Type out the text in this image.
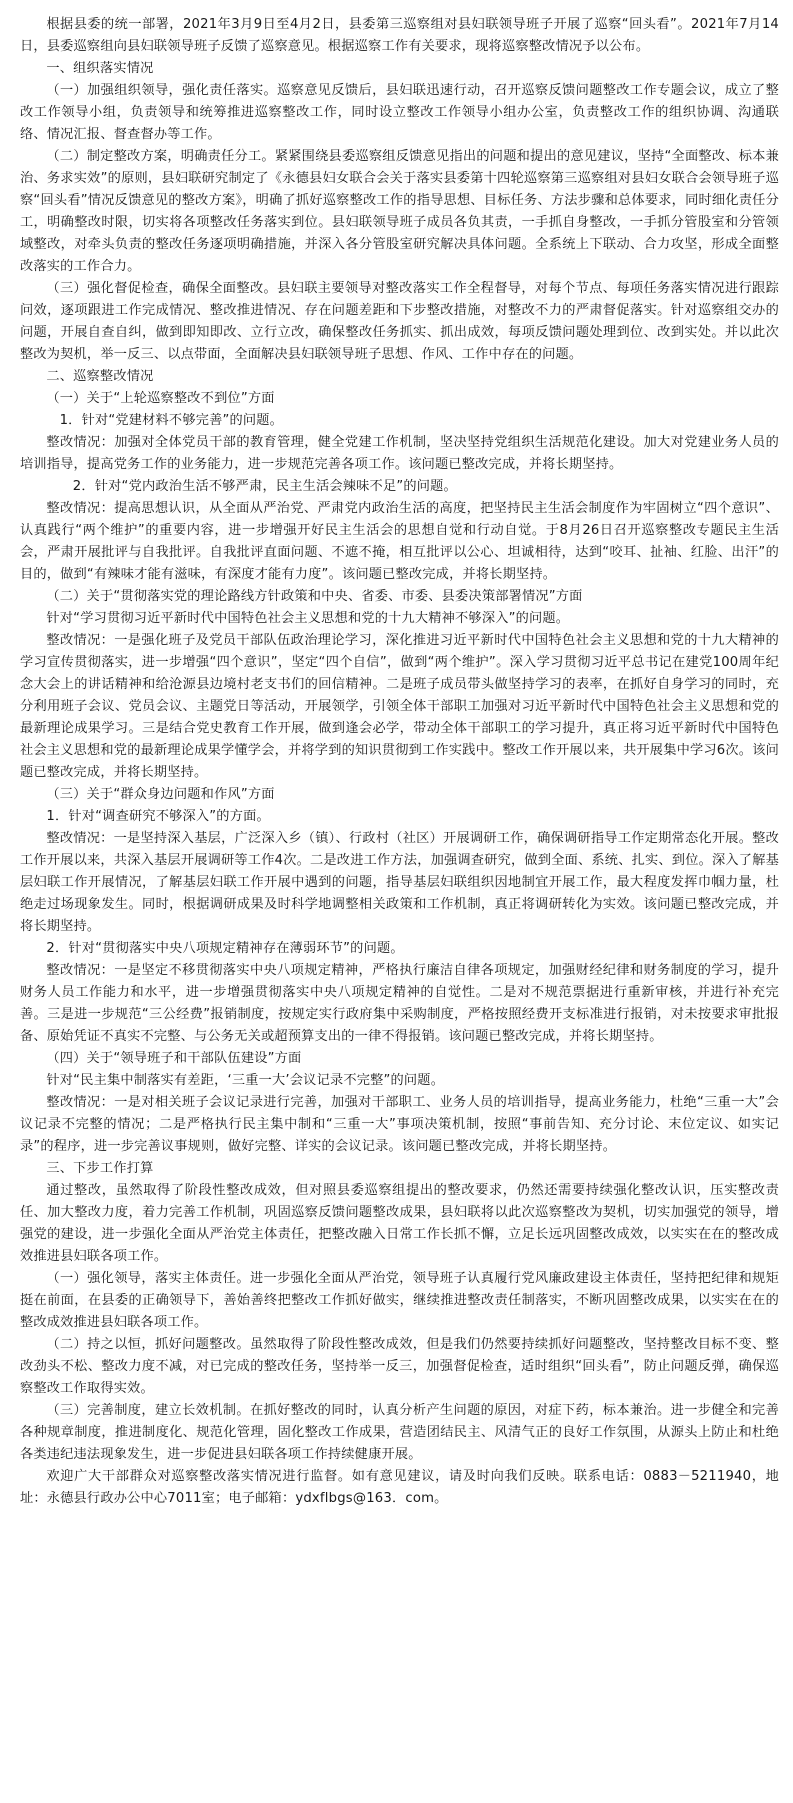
根据县委的统一部署，2021年3月9日至4月2日，县委第三巡察组对县妇联领导班子开展了巡察“回头看”。2021年7月14日，县委巡察组向县妇联领导班子反馈了巡察意见。根据巡察工作有关要求，现将巡察整改情况予以公布。

一、组织落实情况

（一）加强组织领导，强化责任落实。巡察意见反馈后，县妇联迅速行动，召开巡察反馈问题整改工作专题会议，成立了整改工作领导小组，负责领导和统筹推进巡察整改工作，同时设立整改工作领导小组办公室，负责整改工作的组织协调、沟通联络、情况汇报、督查督办等工作。

（二）制定整改方案，明确责任分工。紧紧围绕县委巡察组反馈意见指出的问题和提出的意见建议，坚持“全面整改、标本兼治、务求实效”的原则，县妇联研究制定了《永德县妇女联合会关于落实县委第十四轮巡察第三巡察组对县妇女联合会领导班子巡察“回头看”情况反馈意见的整改方案》，明确了抓好巡察整改工作的指导思想、目标任务、方法步骤和总体要求，同时细化责任分工，明确整改时限，切实将各项整改任务落实到位。县妇联领导班子成员各负其责，一手抓自身整改，一手抓分管股室和分管领域整改，对牵头负责的整改任务逐项明确措施，并深入各分管股室研究解决具体问题。全系统上下联动、合力攻坚，形成全面整改落实的工作合力。

（三）强化督促检查，确保全面整改。县妇联主要领导对整改落实工作全程督导，对每个节点、每项任务落实情况进行跟踪问效，逐项跟进工作完成情况、整改推进情况、存在问题差距和下步整改措施，对整改不力的严肃督促落实。针对巡察组交办的问题，开展自查自纠，做到即知即改、立行立改，确保整改任务抓实、抓出成效，每项反馈问题处理到位、改到实处。并以此次整改为契机，举一反三、以点带面，全面解决县妇联领导班子思想、作风、工作中存在的问题。

二、巡察整改情况

（一）关于“上轮巡察整改不到位”方面

1．针对“党建材料不够完善”的问题。

整改情况：加强对全体党员干部的教育管理，健全党建工作机制，坚决坚持党组织生活规范化建设。加大对党建业务人员的培训指导，提高党务工作的业务能力，进一步规范完善各项工作。该问题已整改完成，并将长期坚持。

2．针对“党内政治生活不够严肃，民主生活会辣味不足”的问题。

整改情况：提高思想认识，从全面从严治党、严肃党内政治生活的高度，把坚持民主生活会制度作为牢固树立“四个意识”、认真践行“两个维护”的重要内容，进一步增强开好民主生活会的思想自觉和行动自觉。于8月26日召开巡察整改专题民主生活会，严肃开展批评与自我批评。自我批评直面问题、不遮不掩，相互批评以公心、坦诚相待，达到“咬耳、扯袖、红脸、出汗”的目的，做到“有辣味才能有滋味，有深度才能有力度”。该问题已整改完成，并将长期坚持。

（二）关于“贯彻落实党的理论路线方针政策和中央、省委、市委、县委决策部署情况”方面

针对“学习贯彻习近平新时代中国特色社会主义思想和党的十九大精神不够深入”的问题。

整改情况：一是强化班子及党员干部队伍政治理论学习，深化推进习近平新时代中国特色社会主义思想和党的十九大精神的学习宣传贯彻落实，进一步增强“四个意识”，坚定“四个自信”，做到“两个维护”。深入学习贯彻习近平总书记在建党100周年纪念大会上的讲话精神和给沧源县边境村老支书们的回信精神。二是班子成员带头做坚持学习的表率，在抓好自身学习的同时，充分利用班子会议、党员会议、主题党日等活动，开展领学，引领全体干部职工加强对习近平新时代中国特色社会主义思想和党的最新理论成果学习。三是结合党史教育工作开展，做到逢会必学，带动全体干部职工的学习提升，真正将习近平新时代中国特色社会主义思想和党的最新理论成果学懂学会，并将学到的知识贯彻到工作实践中。整改工作开展以来，共开展集中学习6次。该问题已整改完成，并将长期坚持。

（三）关于“群众身边问题和作风”方面

1．针对“调查研究不够深入”的方面。

整改情况：一是坚持深入基层，广泛深入乡（镇）、行政村（社区）开展调研工作，确保调研指导工作定期常态化开展。整改工作开展以来，共深入基层开展调研等工作4次。二是改进工作方法，加强调查研究，做到全面、系统、扎实、到位。深入了解基层妇联工作开展情况，了解基层妇联工作开展中遇到的问题，指导基层妇联组织因地制宜开展工作，最大程度发挥巾帼力量，杜绝走过场现象发生。同时，根据调研成果及时科学地调整相关政策和工作机制，真正将调研转化为实效。该问题已整改完成，并将长期坚持。

2．针对“贯彻落实中央八项规定精神存在薄弱环节”的问题。

整改情况：一是坚定不移贯彻落实中央八项规定精神，严格执行廉洁自律各项规定，加强财经纪律和财务制度的学习，提升财务人员工作能力和水平，进一步增强贯彻落实中央八项规定精神的自觉性。二是对不规范票据进行重新审核，并进行补充完善。三是进一步规范“三公经费”报销制度，按规定实行政府集中采购制度，严格按照经费开支标准进行报销，对未按要求审批报备、原始凭证不真实不完整、与公务无关或超预算支出的一律不得报销。该问题已整改完成，并将长期坚持。

（四）关于“领导班子和干部队伍建设”方面

针对“民主集中制落实有差距，‘三重一大’会议记录不完整”的问题。

整改情况：一是对相关班子会议记录进行完善，加强对干部职工、业务人员的培训指导，提高业务能力，杜绝“三重一大”会议记录不完整的情况；二是严格执行民主集中制和“三重一大”事项决策机制，按照“事前告知、充分讨论、末位定议、如实记录”的程序，进一步完善议事规则，做好完整、详实的会议记录。该问题已整改完成，并将长期坚持。

三、下步工作打算

通过整改，虽然取得了阶段性整改成效，但对照县委巡察组提出的整改要求，仍然还需要持续强化整改认识，压实整改责任、加大整改力度，着力完善工作机制，巩固巡察反馈问题整改成果，县妇联将以此次巡察整改为契机，切实加强党的领导，增强党的建设，进一步强化全面从严治党主体责任，把整改融入日常工作长抓不懈，立足长远巩固整改成效，以实实在在的整改成效推进县妇联各项工作。

（一）强化领导，落实主体责任。进一步强化全面从严治党，领导班子认真履行党风廉政建设主体责任，坚持把纪律和规矩挺在前面，在县委的正确领导下，善始善终把整改工作抓好做实，继续推进整改责任制落实，不断巩固整改成果，以实实在在的整改成效推进县妇联各项工作。

（二）持之以恒，抓好问题整改。虽然取得了阶段性整改成效，但是我们仍然要持续抓好问题整改，坚持整改目标不变、整改劲头不松、整改力度不减，对已完成的整改任务，坚持举一反三，加强督促检查，适时组织“回头看”，防止问题反弹，确保巡察整改工作取得实效。

（三）完善制度，建立长效机制。在抓好整改的同时，认真分析产生问题的原因，对症下药，标本兼治。进一步健全和完善各种规章制度，推进制度化、规范化管理，固化整改工作成果，营造团结民主、风清气正的良好工作氛围，从源头上防止和杜绝各类违纪违法现象发生，进一步促进县妇联各项工作持续健康开展。

欢迎广大干部群众对巡察整改落实情况进行监督。如有意见建议，请及时向我们反映。联系电话：0883－5211940，地址：永德县行政办公中心7011室；电子邮箱：ydxflbgs@163．com。
